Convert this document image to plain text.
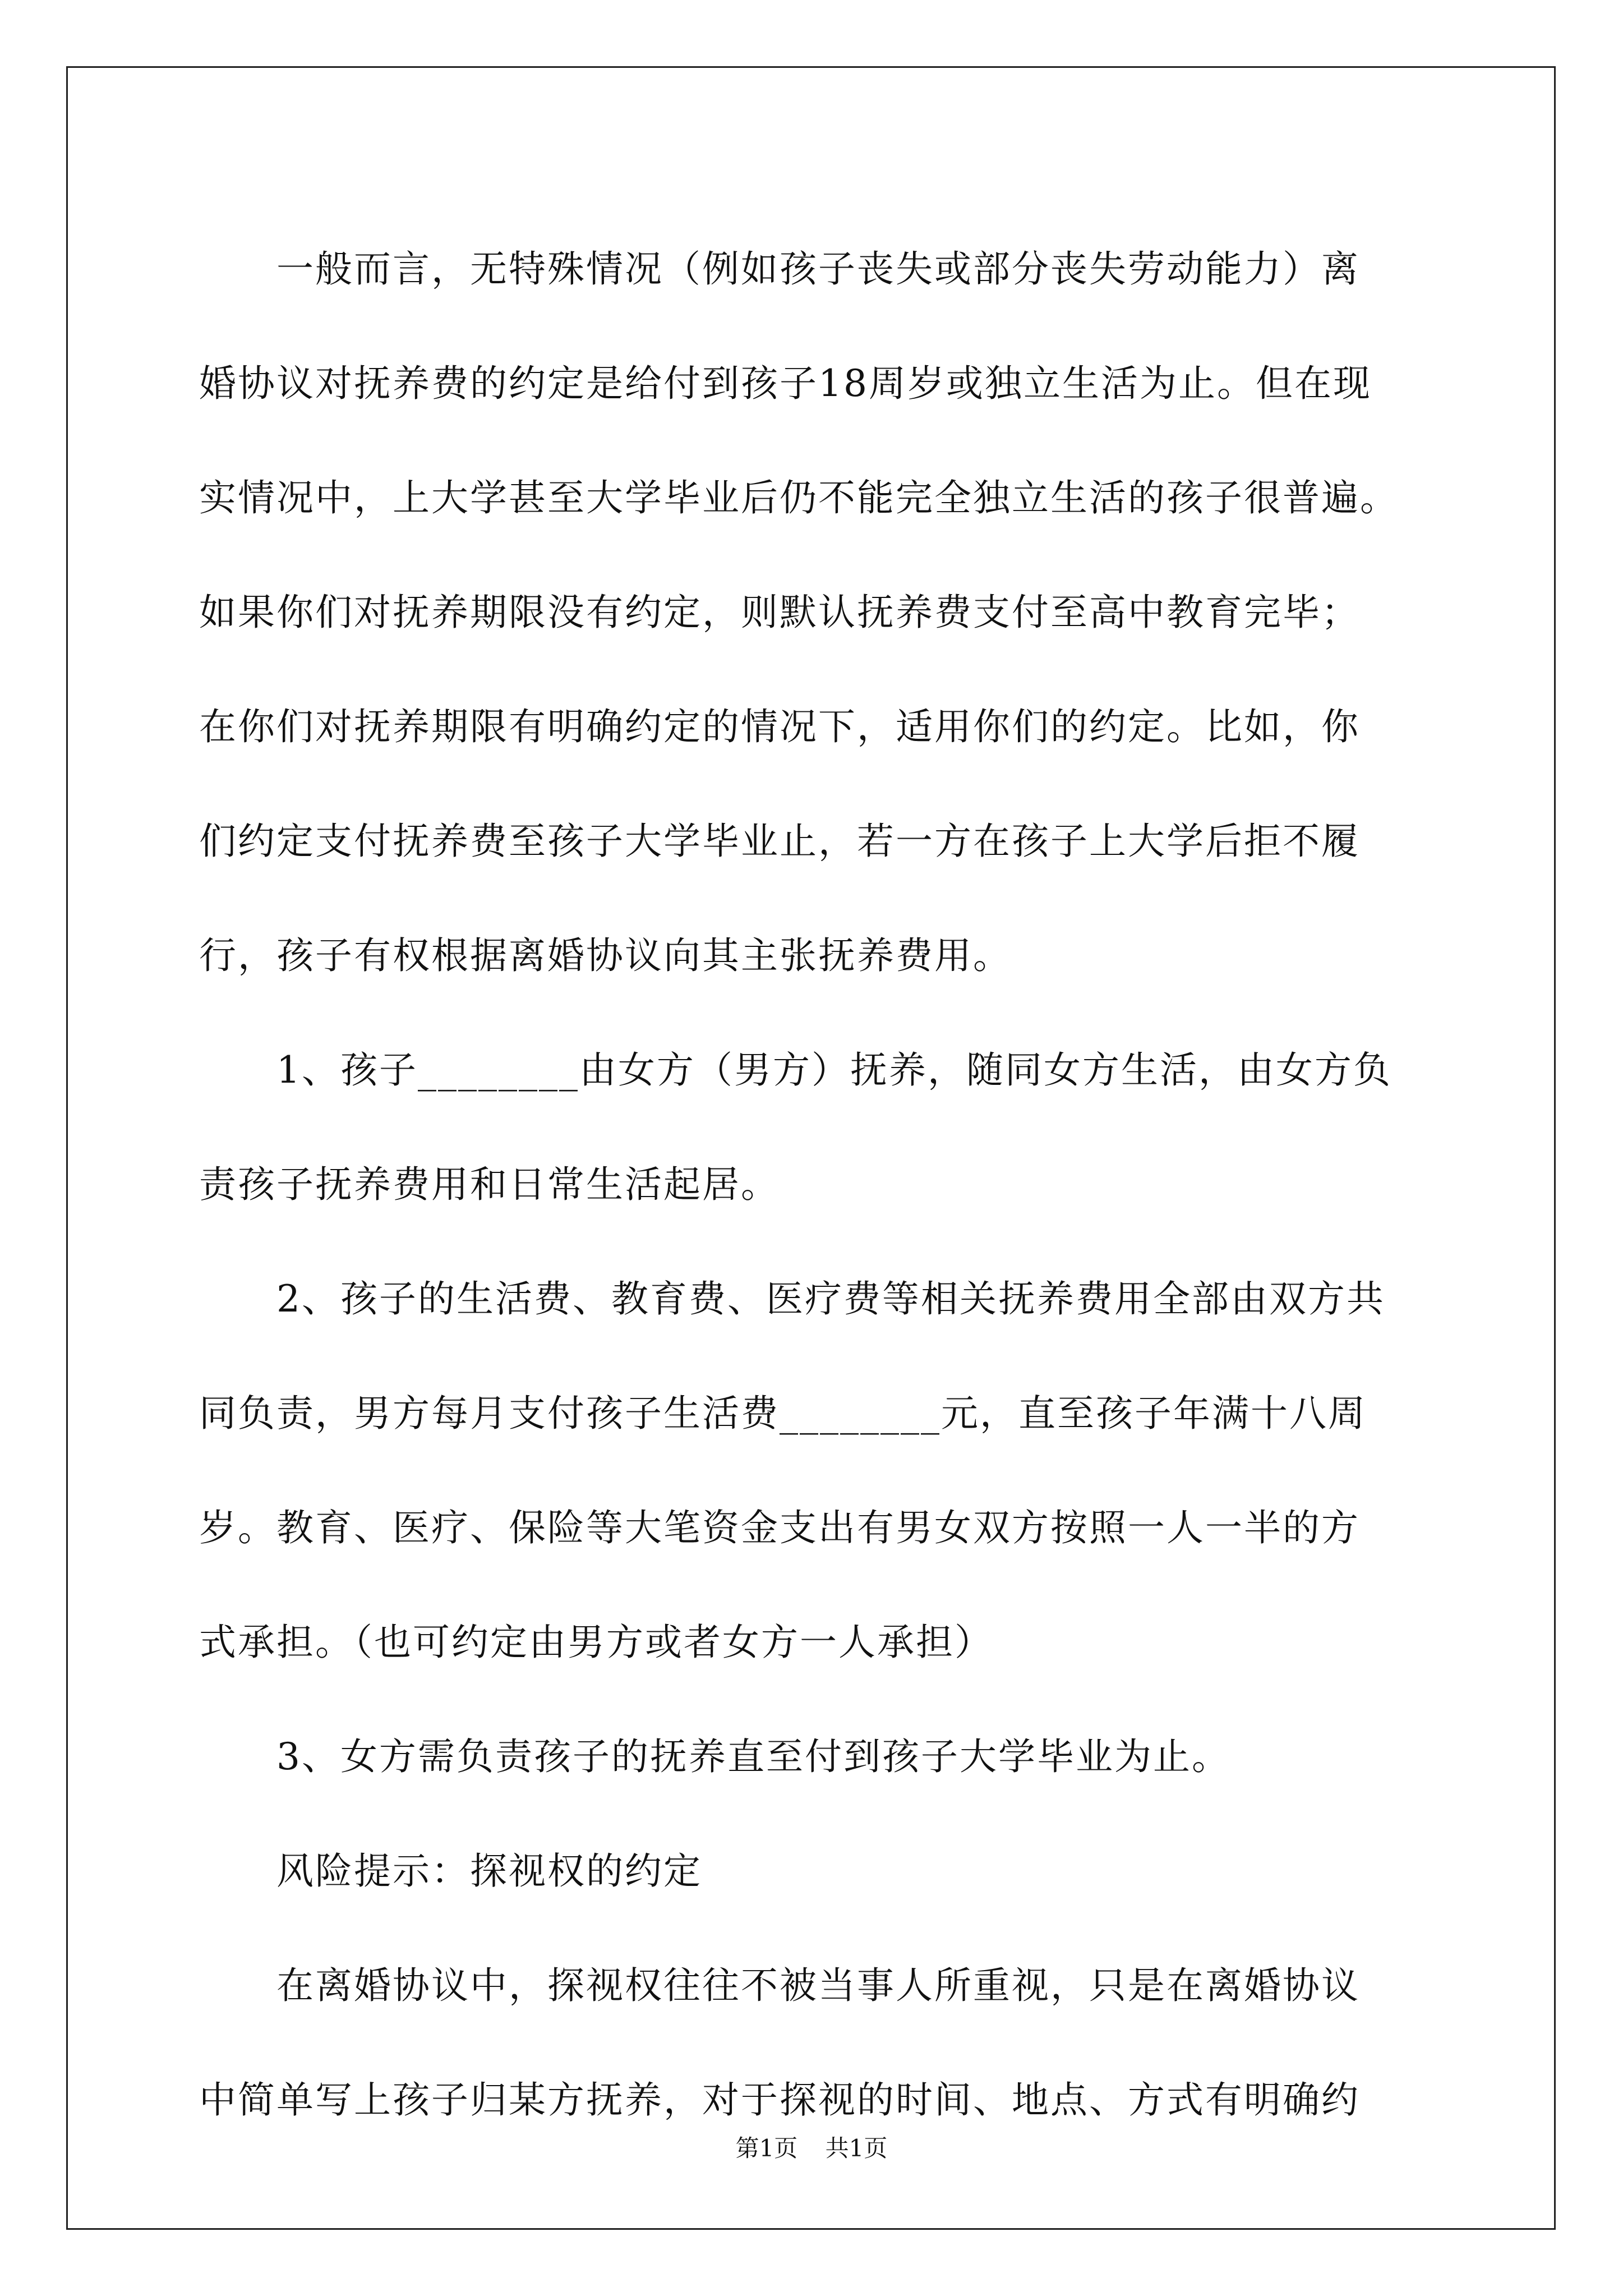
　　一般而言，无特殊情况（例如孩子丧失或部分丧失劳动能力）离
婚协议对抚养费的约定是给付到孩子18周岁或独立生活为止。但在现
实情况中，上大学甚至大学毕业后仍不能完全独立生活的孩子很普遍。
如果你们对抚养期限没有约定，则默认抚养费支付至高中教育完毕；
在你们对抚养期限有明确约定的情况下，适用你们的约定。比如，你
们约定支付抚养费至孩子大学毕业止，若一方在孩子上大学后拒不履
行，孩子有权根据离婚协议向其主张抚养费用。
　　1、孩子________由女方（男方）抚养，随同女方生活，由女方负
责孩子抚养费用和日常生活起居。
　　2、孩子的生活费、教育费、医疗费等相关抚养费用全部由双方共
同负责，男方每月支付孩子生活费________元，直至孩子年满十八周
岁。教育、医疗、保险等大笔资金支出有男女双方按照一人一半的方
式承担。（也可约定由男方或者女方一人承担）
　　3、女方需负责孩子的抚养直至付到孩子大学毕业为止。
　　风险提示：探视权的约定
　　在离婚协议中，探视权往往不被当事人所重视，只是在离婚协议
中简单写上孩子归某方抚养，对于探视的时间、地点、方式有明确约
第1页 共1页
